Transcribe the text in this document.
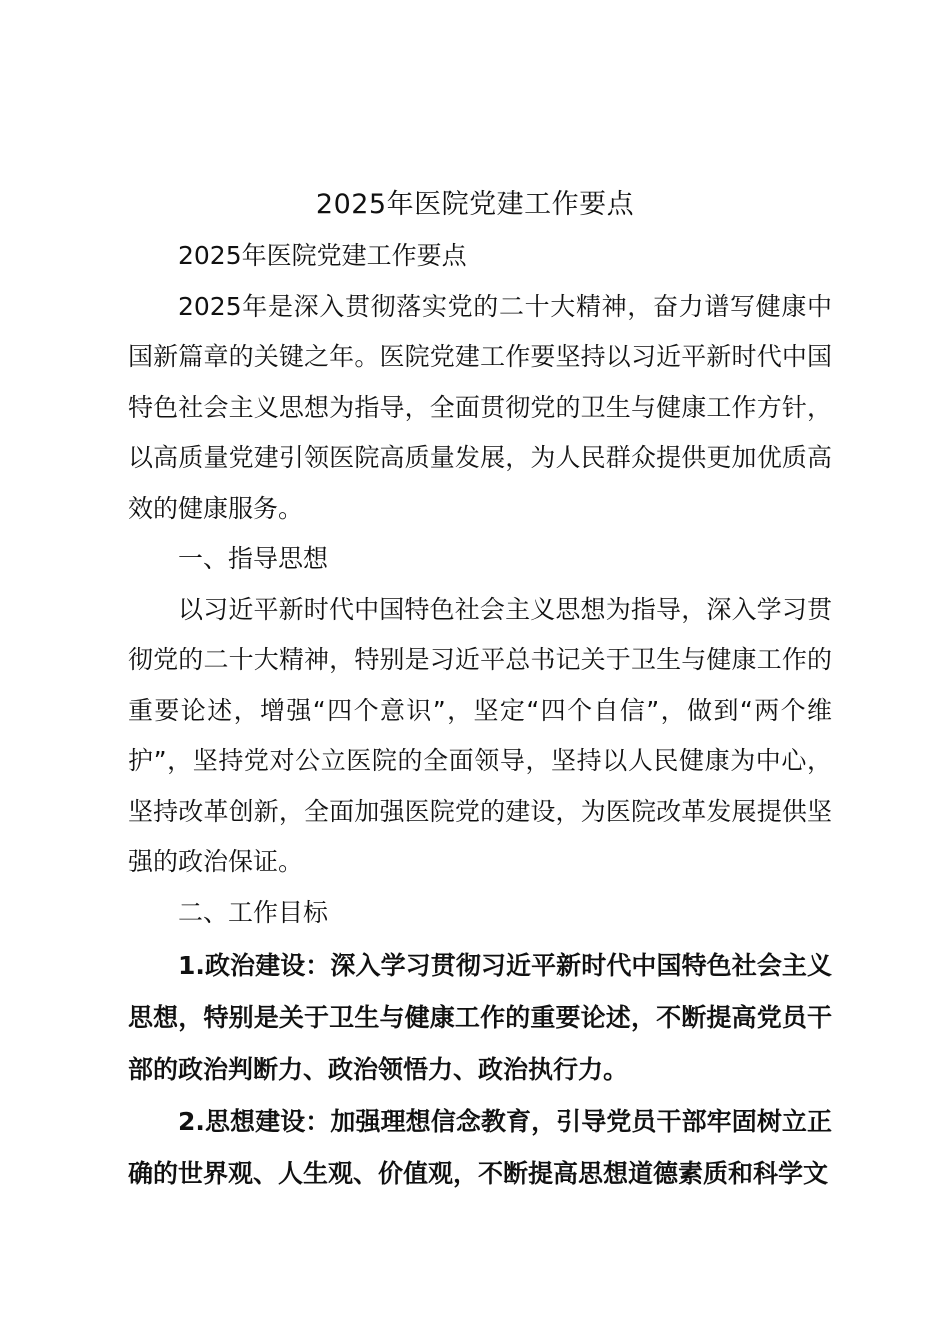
2025年医院党建工作要点

2025年医院党建工作要点

2025年是深入贯彻落实党的二十大精神，奋力谱写健康中国新篇章的关键之年。医院党建工作要坚持以习近平新时代中国特色社会主义思想为指导，全面贯彻党的卫生与健康工作方针，以高质量党建引领医院高质量发展，为人民群众提供更加优质高效的健康服务。

一、指导思想

以习近平新时代中国特色社会主义思想为指导，深入学习贯彻党的二十大精神，特别是习近平总书记关于卫生与健康工作的重要论述，增强“四个意识”，坚定“四个自信”，做到“两个维护”，坚持党对公立医院的全面领导，坚持以人民健康为中心，坚持改革创新，全面加强医院党的建设，为医院改革发展提供坚强的政治保证。

二、工作目标

1.政治建设：深入学习贯彻习近平新时代中国特色社会主义思想，特别是关于卫生与健康工作的重要论述，不断提高党员干部的政治判断力、政治领悟力、政治执行力。

2.思想建设：加强理想信念教育，引导党员干部牢固树立正确的世界观、人生观、价值观，不断提高思想道德素质和科学文
